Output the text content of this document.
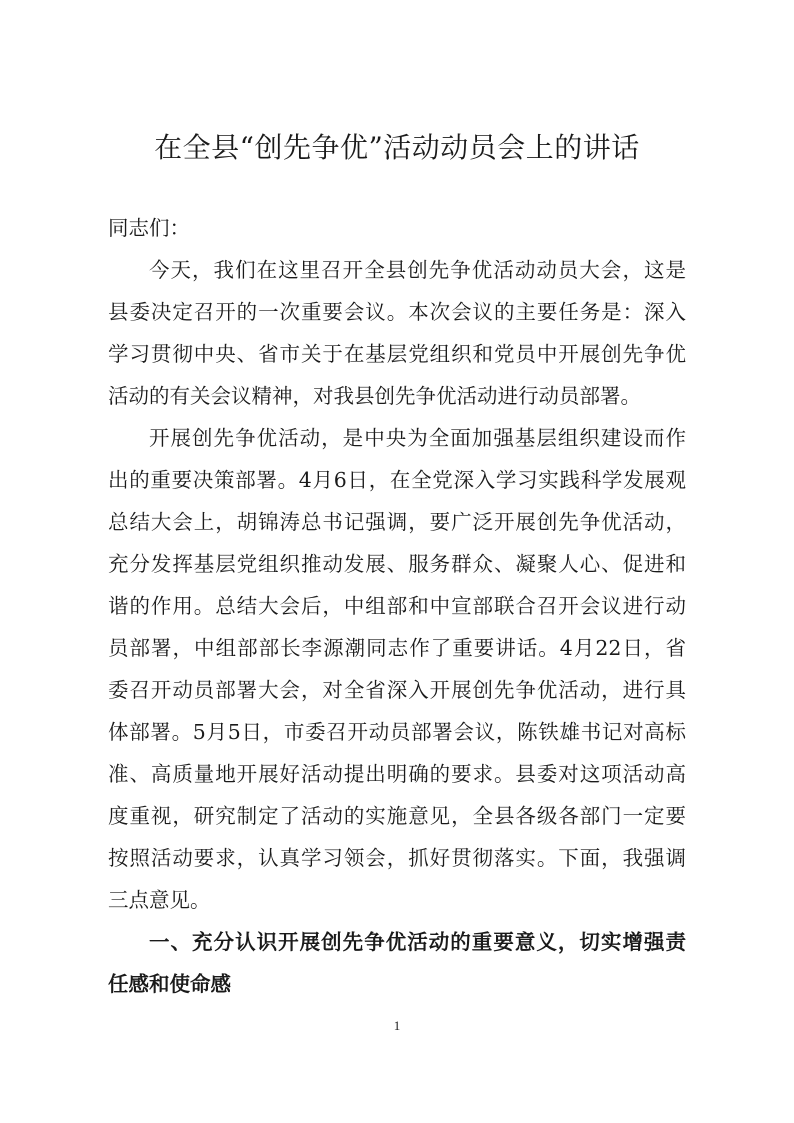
在全县“创先争优”活动动员会上的讲话
同志们：
今天，我们在这里召开全县创先争优活动动员大会，这是
县委决定召开的一次重要会议。本次会议的主要任务是：深入
学习贯彻中央、省市关于在基层党组织和党员中开展创先争优
活动的有关会议精神，对我县创先争优活动进行动员部署。
开展创先争优活动，是中央为全面加强基层组织建设而作
出的重要决策部署。4月6日，在全党深入学习实践科学发展观
总结大会上，胡锦涛总书记强调，要广泛开展创先争优活动，
充分发挥基层党组织推动发展、服务群众、凝聚人心、促进和
谐的作用。总结大会后，中组部和中宣部联合召开会议进行动
员部署，中组部部长李源潮同志作了重要讲话。4月22日，省
委召开动员部署大会，对全省深入开展创先争优活动，进行具
体部署。5月5日，市委召开动员部署会议，陈铁雄书记对高标
准、高质量地开展好活动提出明确的要求。县委对这项活动高
度重视，研究制定了活动的实施意见，全县各级各部门一定要
按照活动要求，认真学习领会，抓好贯彻落实。下面，我强调
三点意见。
一、充分认识开展创先争优活动的重要意义，切实增强责
任感和使命感
1
